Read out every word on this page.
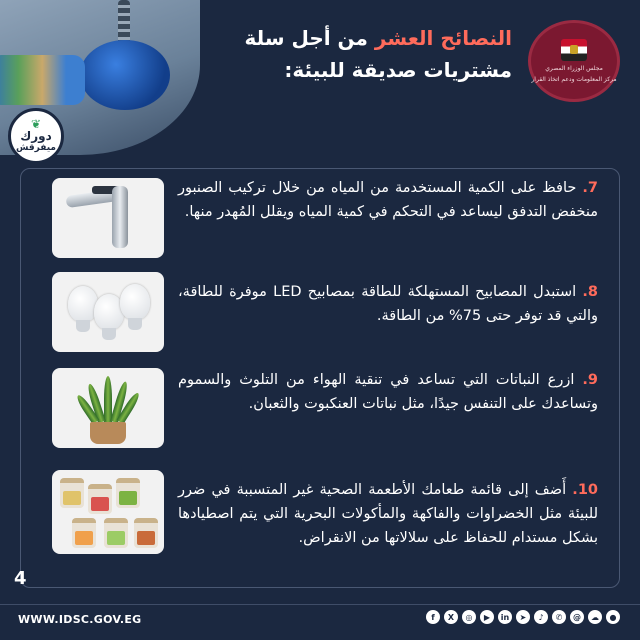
❦
دورك
ميفرقش
النصائح العشر من أجل سلة
مشتريات صديقة للبيئة:	مجلس الوزراء المصري
مركز المعلومات ودعم اتخاذ القرار
7. حافظ على الكمية المستخدمة من المياه من خلال تركيب الصنبور منخفض التدفق ليساعد في التحكم في كمية المياه ويقلل المُهدر منها.
8. استبدل المصابيح المستهلكة للطاقة بمصابيح LED موفرة للطاقة، والتي قد توفر حتى 75% من الطاقة.
9. ازرع النباتات التي تساعد في تنقية الهواء من التلوث والسموم وتساعدك على التنفس جيدًا، مثل نباتات العنكبوت والثعبان.
10. أَضف إلى قائمة طعامك الأطعمة الصحية غير المتسببة في ضرر للبيئة مثل الخضراوات والفاكهة والمأكولات البحرية التي يتم اصطيادها بشكل مستدام للحفاظ على سلالاتها من الانقراض.
4
WWW.IDSC.GOV.EG	f	X	◎	▶	in	➤	♪	✆	@	☁	●
